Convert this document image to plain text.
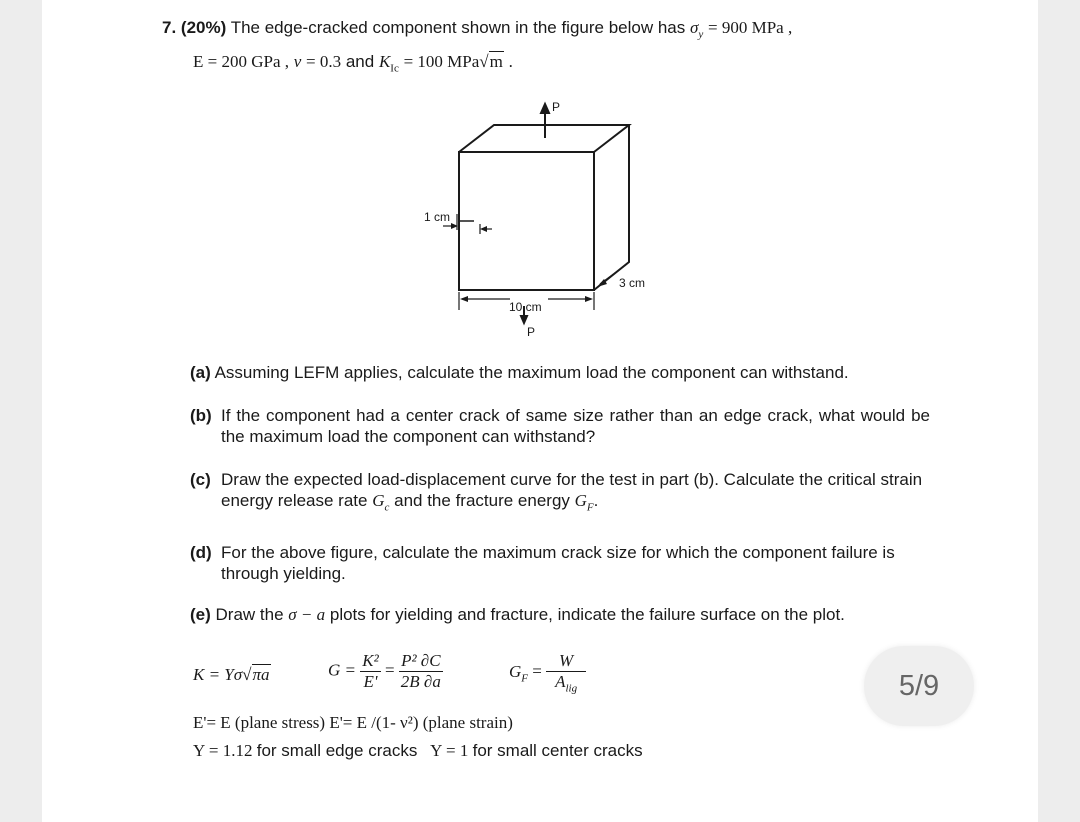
7. (20%) The edge-cracked component shown in the figure below has $\sigma_y = 900$ MPa ,
E = 200 GPa , ν = 0.3 and $K_{Ic} = 100$ MPa√m .
P
P
1 cm
3 cm
10 cm
(a) Assuming LEFM applies, calculate the maximum load the component can withstand.
(b) If the component had a center crack of same size rather than an edge crack, what would be the maximum load the component can withstand?
(c) Draw the expected load-displacement curve for the test in part (b). Calculate the critical strain energy release rate $G_c$ and the fracture energy $G_F$.
(d) For the above figure, calculate the maximum crack size for which the component failure is through yielding.
(e) Draw the σ − a plots for yielding and fracture, indicate the failure surface on the plot.
K = Yσ√πa	$G = \frac{\text{K²}}{E'} = \frac{\text{P² ∂C}}{2B \partial a}$	$G_F = \frac{W}{A_{lig}}$
E'= E (plane stress) E'= E /(1- ν²) (plane strain)
Y = 1.12 for small edge cracks Y = 1 for small center cracks
5/9
